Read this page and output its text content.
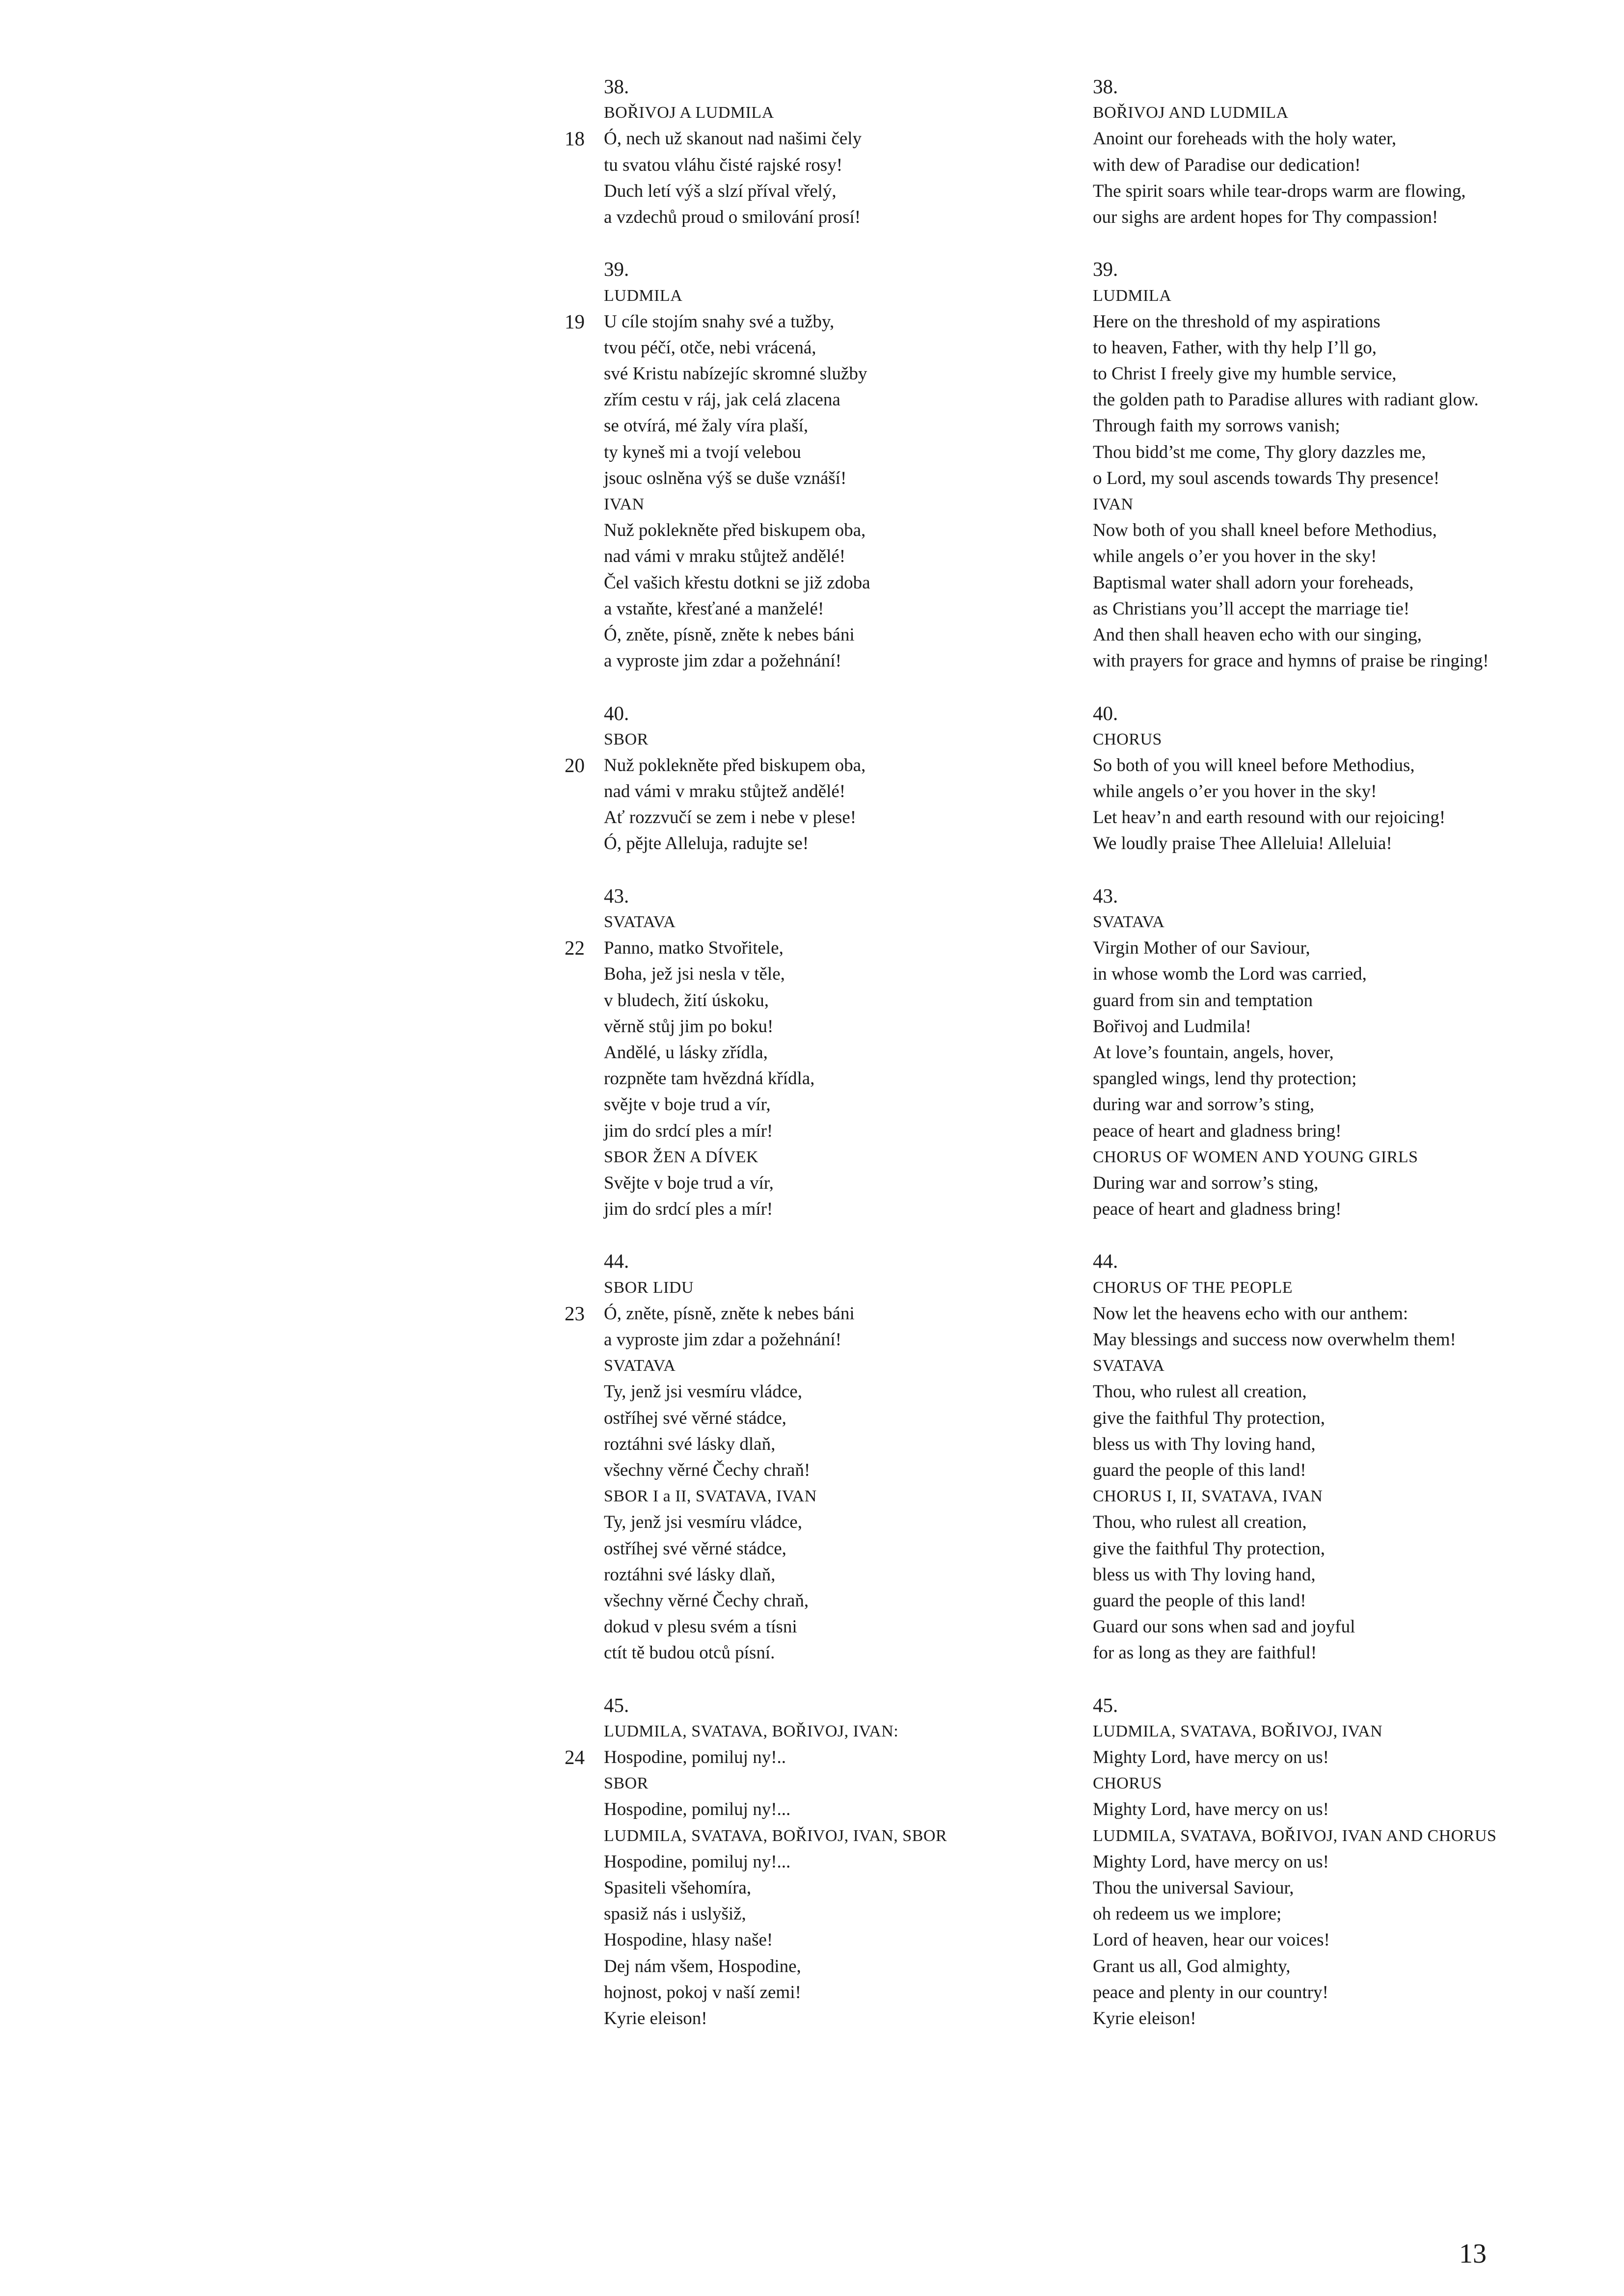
38.
BOŘIVOJ A LUDMILA
Ó, nech už skanout nad našimi čely
18
tu svatou vláhu čisté rajské rosy!
Duch letí výš a slzí příval vřelý,
a vzdechů proud o smilování prosí!
39.
LUDMILA
U cíle stojím snahy své a tužby,
19
tvou péčí, otče, nebi vrácená,
své Kristu nabízejíc skromné služby
zřím cestu v ráj, jak celá zlacena
se otvírá, mé žaly víra plaší,
ty kyneš mi a tvojí velebou
jsouc oslněna výš se duše vznáší!
IVAN
Nuž poklekněte před biskupem oba,
nad vámi v mraku stůjtež andělé!
Čel vašich křestu dotkni se již zdoba
a vstaňte, křesťané a manželé!
Ó, zněte, písně, zněte k nebes báni
a vyproste jim zdar a požehnání!
40.
SBOR
Nuž poklekněte před biskupem oba,
20
nad vámi v mraku stůjtež andělé!
Ať rozzvučí se zem i nebe v plese!
Ó, pějte Alleluja, radujte se!
43.
SVATAVA
Panno, matko Stvořitele,
22
Boha, jež jsi nesla v těle,
v bludech, žití úskoku,
věrně stůj jim po boku!
Andělé, u lásky zřídla,
rozpněte tam hvězdná křídla,
svějte v boje trud a vír,
jim do srdcí ples a mír!
SBOR ŽEN A DÍVEK
Svějte v boje trud a vír,
jim do srdcí ples a mír!
44.
SBOR LIDU
Ó, zněte, písně, zněte k nebes báni
23
a vyproste jim zdar a požehnání!
SVATAVA
Ty, jenž jsi vesmíru vládce,
ostříhej své věrné stádce,
roztáhni své lásky dlaň,
všechny věrné Čechy chraň!
SBOR I a II, SVATAVA, IVAN
Ty, jenž jsi vesmíru vládce,
ostříhej své věrné stádce,
roztáhni své lásky dlaň,
všechny věrné Čechy chraň,
dokud v plesu svém a tísni
ctít tě budou otců písní.
45.
LUDMILA, SVATAVA, BOŘIVOJ, IVAN:
Hospodine, pomiluj ny!..
24
SBOR
Hospodine, pomiluj ny!...
LUDMILA, SVATAVA, BOŘIVOJ, IVAN, SBOR
Hospodine, pomiluj ny!...
Spasiteli všehomíra,
spasiž nás i uslyšiž,
Hospodine, hlasy naše!
Dej nám všem, Hospodine,
hojnost, pokoj v naší zemi!
Kyrie eleison!
38.
BOŘIVOJ AND LUDMILA
Anoint our foreheads with the holy water,
with dew of Paradise our dedication!
The spirit soars while tear-drops warm are flowing,
our sighs are ardent hopes for Thy compassion!
39.
LUDMILA
Here on the threshold of my aspirations
to heaven, Father, with thy help I’ll go,
to Christ I freely give my humble service,
the golden path to Paradise allures with radiant glow.
Through faith my sorrows vanish;
Thou bidd’st me come, Thy glory dazzles me,
o Lord, my soul ascends towards Thy presence!
IVAN
Now both of you shall kneel before Methodius,
while angels o’er you hover in the sky!
Baptismal water shall adorn your foreheads,
as Christians you’ll accept the marriage tie!
And then shall heaven echo with our singing,
with prayers for grace and hymns of praise be ringing!
40.
CHORUS
So both of you will kneel before Methodius,
while angels o’er you hover in the sky!
Let heav’n and earth resound with our rejoicing!
We loudly praise Thee Alleluia! Alleluia!
43.
SVATAVA
Virgin Mother of our Saviour,
in whose womb the Lord was carried,
guard from sin and temptation
Bořivoj and Ludmila!
At love’s fountain, angels, hover,
spangled wings, lend thy protection;
during war and sorrow’s sting,
peace of heart and gladness bring!
CHORUS OF WOMEN AND YOUNG GIRLS
During war and sorrow’s sting,
peace of heart and gladness bring!
44.
CHORUS OF THE PEOPLE
Now let the heavens echo with our anthem:
May blessings and success now overwhelm them!
SVATAVA
Thou, who rulest all creation,
give the faithful Thy protection,
bless us with Thy loving hand,
guard the people of this land!
CHORUS I, II, SVATAVA, IVAN
Thou, who rulest all creation,
give the faithful Thy protection,
bless us with Thy loving hand,
guard the people of this land!
Guard our sons when sad and joyful
for as long as they are faithful!
45.
LUDMILA, SVATAVA, BOŘIVOJ, IVAN
Mighty Lord, have mercy on us!
CHORUS
Mighty Lord, have mercy on us!
LUDMILA, SVATAVA, BOŘIVOJ, IVAN AND CHORUS
Mighty Lord, have mercy on us!
Thou the universal Saviour,
oh redeem us we implore;
Lord of heaven, hear our voices!
Grant us all, God almighty,
peace and plenty in our country!
Kyrie eleison!
13
